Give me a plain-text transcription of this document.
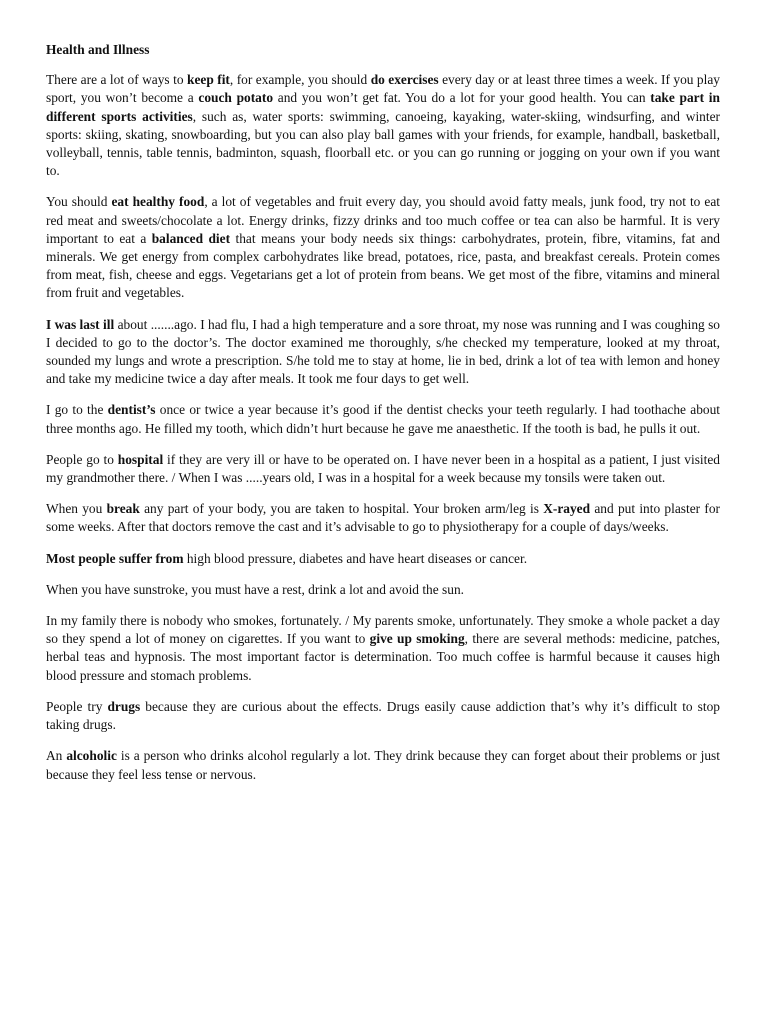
Health and Illness

There are a lot of ways to keep fit, for example, you should do exercises every day or at least three times a week. If you play sport, you won’t become a couch potato and you won’t get fat. You do a lot for your good health. You can take part in different sports activities, such as, water sports: swimming, canoeing, kayaking, water-skiing, windsurfing, and winter sports: skiing, skating, snowboarding, but you can also play ball games with your friends, for example, handball, basketball, volleyball, tennis, table tennis, badminton, squash, floorball etc. or you can go running or jogging on your own if you want to.

You should eat healthy food, a lot of vegetables and fruit every day, you should avoid fatty meals, junk food, try not to eat red meat and sweets/chocolate a lot. Energy drinks, fizzy drinks and too much coffee or tea can also be harmful. It is very important to eat a balanced diet that means your body needs six things: carbohydrates, protein, fibre, vitamins, fat and minerals. We get energy from complex carbohydrates like bread, potatoes, rice, pasta, and breakfast cereals. Protein comes from meat, fish, cheese and eggs. Vegetarians get a lot of protein from beans. We get most of the fibre, vitamins and mineral from fruit and vegetables.

I was last ill about .......ago. I had flu, I had a high temperature and a sore throat, my nose was running and I was coughing so I decided to go to the doctor’s. The doctor examined me thoroughly, s/he checked my temperature, looked at my throat, sounded my lungs and wrote a prescription. S/he told me to stay at home, lie in bed, drink a lot of tea with lemon and honey and take my medicine twice a day after meals. It took me four days to get well.

I go to the dentist’s once or twice a year because it’s good if the dentist checks your teeth regularly. I had toothache about three months ago. He filled my tooth, which didn’t hurt because he gave me anaesthetic. If the tooth is bad, he pulls it out.

People go to hospital if they are very ill or have to be operated on. I have never been in a hospital as a patient, I just visited my grandmother there. / When I was .....years old, I was in a hospital for a week because my tonsils were taken out.

When you break any part of your body, you are taken to hospital. Your broken arm/leg is X-rayed and put into plaster for some weeks. After that doctors remove the cast and it’s advisable to go to physiotherapy for a couple of days/weeks.

Most people suffer from high blood pressure, diabetes and have heart diseases or cancer.

When you have sunstroke, you must have a rest, drink a lot and avoid the sun.

In my family there is nobody who smokes, fortunately. / My parents smoke, unfortunately. They smoke a whole packet a day so they spend a lot of money on cigarettes. If you want to give up smoking, there are several methods: medicine, patches, herbal teas and hypnosis. The most important factor is determination. Too much coffee is harmful because it causes high blood pressure and stomach problems.

People try drugs because they are curious about the effects. Drugs easily cause addiction that’s why it’s difficult to stop taking drugs.

An alcoholic is a person who drinks alcohol regularly a lot. They drink because they can forget about their problems or just because they feel less tense or nervous.
